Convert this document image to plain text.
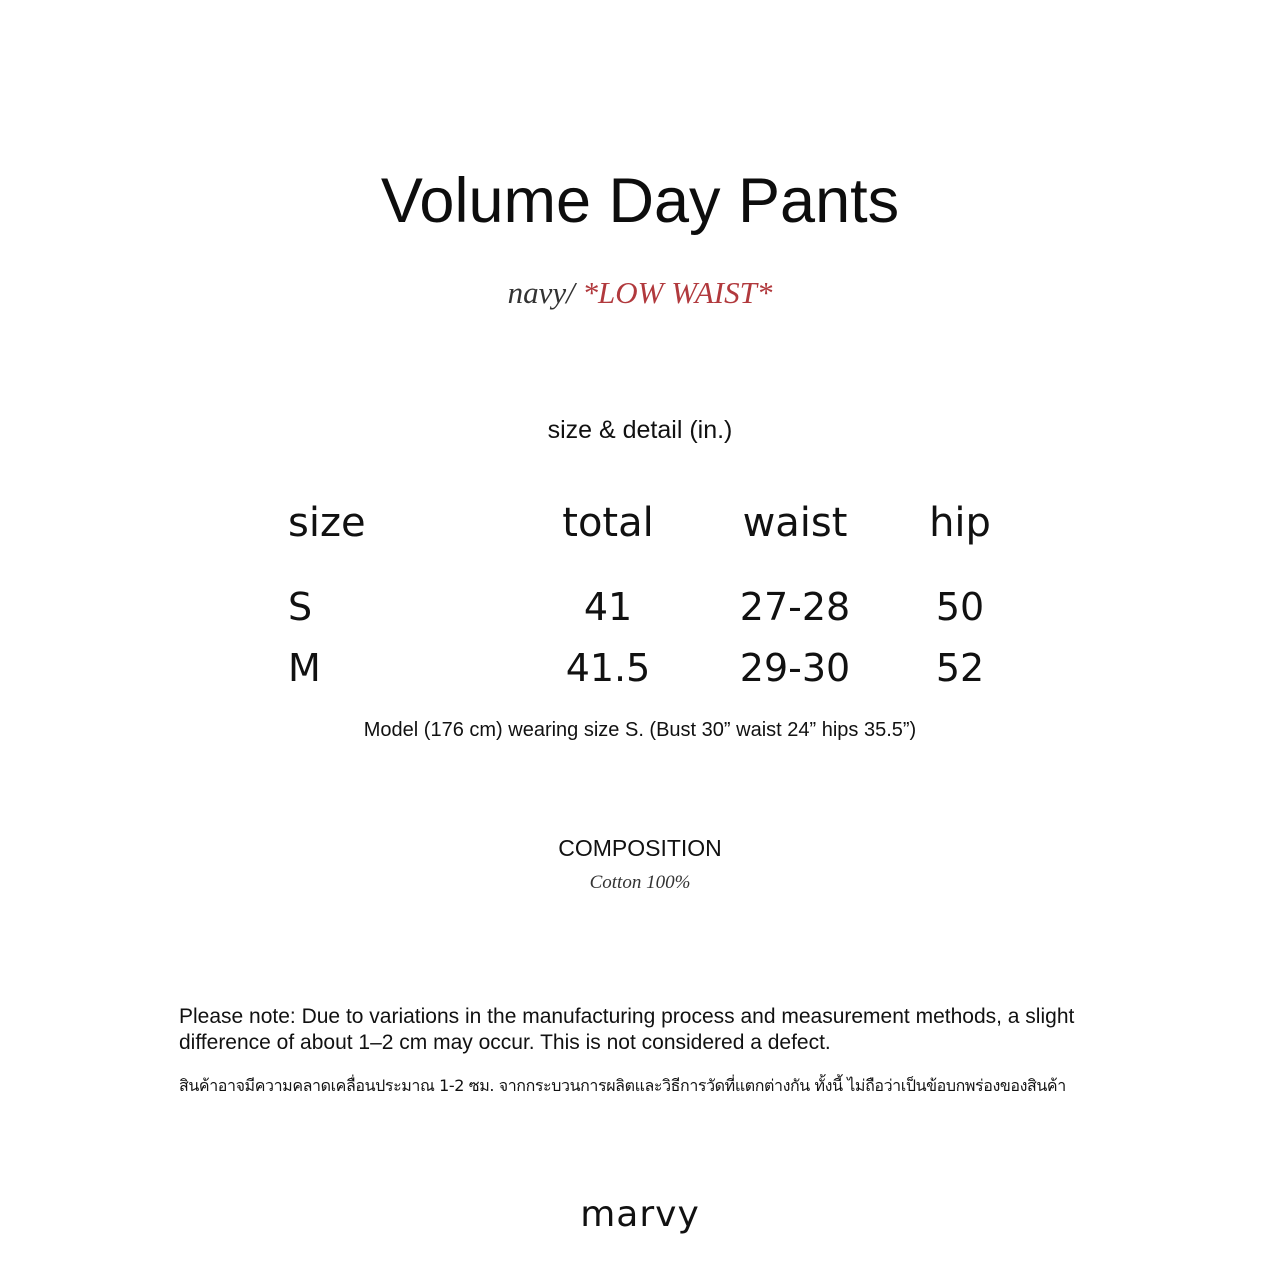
Volume Day Pants
navy/ *LOW WAIST*
size & detail (in.)
size	total	waist	hip
S	41	27-28	50
M	41.5	29-30	52
Model (176 cm) wearing size S. (Bust 30” waist 24” hips 35.5”)
COMPOSITION
Cotton 100%
Please note: Due to variations in the manufacturing process and measurement methods, a slight difference of about 1–2 cm may occur. This is not considered a defect.
สินค้าอาจมีความคลาดเคลื่อนประมาณ 1-2 ซม. จากกระบวนการผลิตและวิธีการวัดที่แตกต่างกัน ทั้งนี้ ไม่ถือว่าเป็นข้อบกพร่องของสินค้า
marvy
